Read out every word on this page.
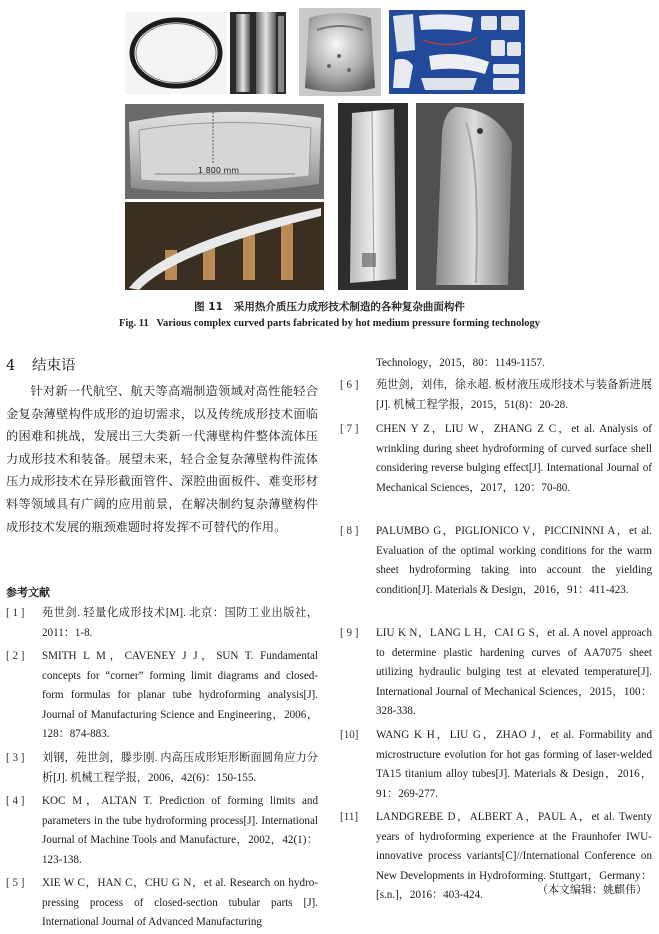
1 800 mm
图 11   采用热介质压力成形技术制造的各种复杂曲面构件
Fig. 11   Various complex curved parts fabricated by hot medium pressure forming technology
4 结束语

针对新一代航空、航天等高端制造领域对高性能轻合金复杂薄壁构件成形的迫切需求，以及传统成形技术面临的困难和挑战，发展出三大类新一代薄壁构件整体流体压力成形技术和装备。展望未来，轻合金复杂薄壁构件流体压力成形技术在异形截面管件、深腔曲面板件、难变形材料等领域具有广阔的应用前景，在解决制约复杂薄壁构件成形技术发展的瓶颈难题时将发挥不可替代的作用。

参考文献
[ 1 ]	苑世剑. 轻量化成形技术[M]. 北京：国防工业出版社，2011：1-8.
[ 2 ]	SMITH L M，CAVENEY J J，SUN T. Fundamental concepts for “corner” forming limit diagrams and closed-form formulas for planar tube hydroforming analysis[J]. Journal of Manufacturing Science and Engineering，2006，128：874-883.
[ 3 ]	刘钢，苑世剑，滕步刚. 内高压成形矩形断面圆角应力分析[J]. 机械工程学报，2006，42(6)：150-155.
[ 4 ]	KOC M，ALTAN T. Prediction of forming limits and parameters in the tube hydroforming process[J]. International Journal of Machine Tools and Manufacture，2002，42(1)：123-138.
[ 5 ]	XIE W C，HAN C，CHU G N，et al. Research on hydro-pressing process of closed-section tubular parts [J]. International Journal of Advanced Manufacturing
Technology，2015，80：1149-1157.
[ 6 ]	苑世剑，刘伟，徐永超. 板材液压成形技术与装备新进展[J]. 机械工程学报，2015，51(8)：20-28.
[ 7 ]	CHEN Y Z，LIU W，ZHANG Z C，et al. Analysis of wrinkling during sheet hydroforming of curved surface shell considering reverse bulging effect[J]. International Journal of Mechanical Sciences，2017，120：70-80.
[ 8 ]	PALUMBO G，PIGLIONICO V，PICCININNI A，et al. Evaluation of the optimal working conditions for the warm sheet hydroforming taking into account the yielding condition[J]. Materials & Design，2016，91：411-423.
[ 9 ]	LIU K N，LANG L H，CAI G S，et al. A novel approach to determine plastic hardening curves of AA7075 sheet utilizing hydraulic bulging test at elevated temperature[J]. International Journal of Mechanical Sciences，2015，100：328-338.
[10]	WANG K H，LIU G，ZHAO J，et al. Formability and microstructure evolution for hot gas forming of laser-welded TA15 titanium alloy tubes[J]. Materials & Design，2016，91：269-277.
[11]	LANDGREBE D，ALBERT A，PAUL A，et al. Twenty years of hydroforming experience at the Fraunhofer IWU-innovative process variants[C]//International Conference on New Developments in Hydroforming. Stuttgart，Germany：[s.n.]，2016：403-424.	（本文编辑：姚麒伟）
